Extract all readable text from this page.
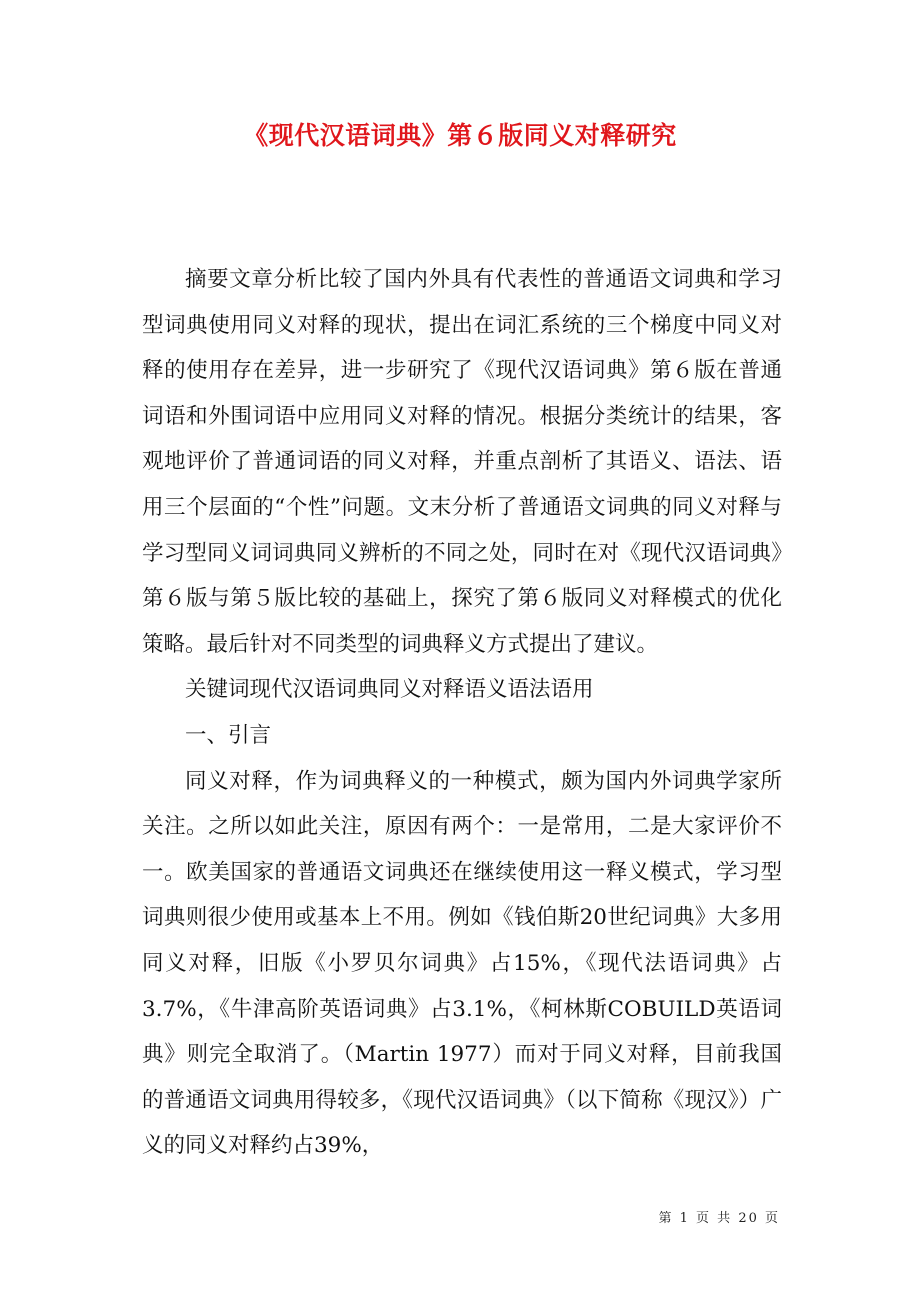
《现代汉语词典》第６版同义对释研究

摘要文章分析比较了国内外具有代表性的普通语文词典和学习型词典使用同义对释的现状，提出在词汇系统的三个梯度中同义对释的使用存在差异，进一步研究了《现代汉语词典》第６版在普通词语和外围词语中应用同义对释的情况。根据分类统计的结果，客观地评价了普通词语的同义对释，并重点剖析了其语义、语法、语用三个层面的“个性”问题。文末分析了普通语文词典的同义对释与学习型同义词词典同义辨析的不同之处，同时在对《现代汉语词典》第６版与第５版比较的基础上，探究了第６版同义对释模式的优化策略。最后针对不同类型的词典释义方式提出了建议。

关键词现代汉语词典同义对释语义语法语用

一、引言

同义对释，作为词典释义的一种模式，颇为国内外词典学家所关注。之所以如此关注，原因有两个：一是常用，二是大家评价不一。欧美国家的普通语文词典还在继续使用这一释义模式，学习型词典则很少使用或基本上不用。例如《钱伯斯20世纪词典》大多用同义对释，旧版《小罗贝尔词典》占15%，《现代法语词典》占3.7%，《牛津高阶英语词典》占3.1%，《柯林斯COBUILD英语词典》则完全取消了。（Martin 1977）而对于同义对释，目前我国的普通语文词典用得较多，《现代汉语词典》（以下简称《现汉》）广义的同义对释约占39%，

第 1 页 共 20 页
